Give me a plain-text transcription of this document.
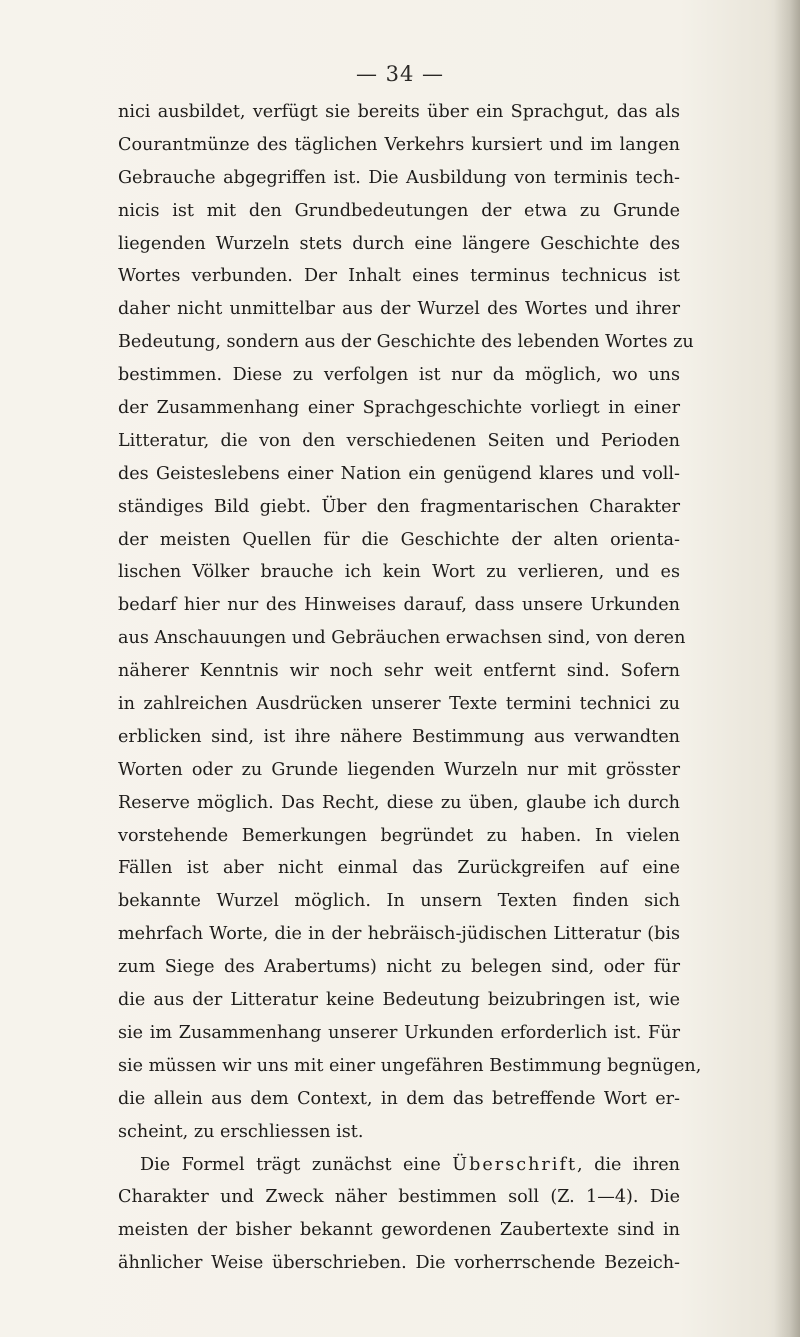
— 34 —
nici ausbildet, verfügt sie bereits über ein Sprachgut, das als
Courantmünze des täglichen Verkehrs kursiert und im langen
Gebrauche abgegriffen ist. Die Ausbildung von terminis tech-
nicis ist mit den Grundbedeutungen der etwa zu Grunde
liegenden Wurzeln stets durch eine längere Geschichte des
Wortes verbunden. Der Inhalt eines terminus technicus ist
daher nicht unmittelbar aus der Wurzel des Wortes und ihrer
Bedeutung, sondern aus der Geschichte des lebenden Wortes zu
bestimmen. Diese zu verfolgen ist nur da möglich, wo uns
der Zusammenhang einer Sprachgeschichte vorliegt in einer
Litteratur, die von den verschiedenen Seiten und Perioden
des Geisteslebens einer Nation ein genügend klares und voll-
ständiges Bild giebt. Über den fragmentarischen Charakter
der meisten Quellen für die Geschichte der alten orienta-
lischen Völker brauche ich kein Wort zu verlieren, und es
bedarf hier nur des Hinweises darauf, dass unsere Urkunden
aus Anschauungen und Gebräuchen erwachsen sind, von deren
näherer Kenntnis wir noch sehr weit entfernt sind. Sofern
in zahlreichen Ausdrücken unserer Texte termini technici zu
erblicken sind, ist ihre nähere Bestimmung aus verwandten
Worten oder zu Grunde liegenden Wurzeln nur mit grösster
Reserve möglich. Das Recht, diese zu üben, glaube ich durch
vorstehende Bemerkungen begründet zu haben. In vielen
Fällen ist aber nicht einmal das Zurückgreifen auf eine
bekannte Wurzel möglich. In unsern Texten finden sich
mehrfach Worte, die in der hebräisch-jüdischen Litteratur (bis
zum Siege des Arabertums) nicht zu belegen sind, oder für
die aus der Litteratur keine Bedeutung beizubringen ist, wie
sie im Zusammenhang unserer Urkunden erforderlich ist. Für
sie müssen wir uns mit einer ungefähren Bestimmung begnügen,
die allein aus dem Context, in dem das betreffende Wort er-
scheint, zu erschliessen ist.
Die Formel trägt zunächst eine Überschrift, die ihren
Charakter und Zweck näher bestimmen soll (Z. 1—4). Die
meisten der bisher bekannt gewordenen Zaubertexte sind in
ähnlicher Weise überschrieben. Die vorherrschende Bezeich-
